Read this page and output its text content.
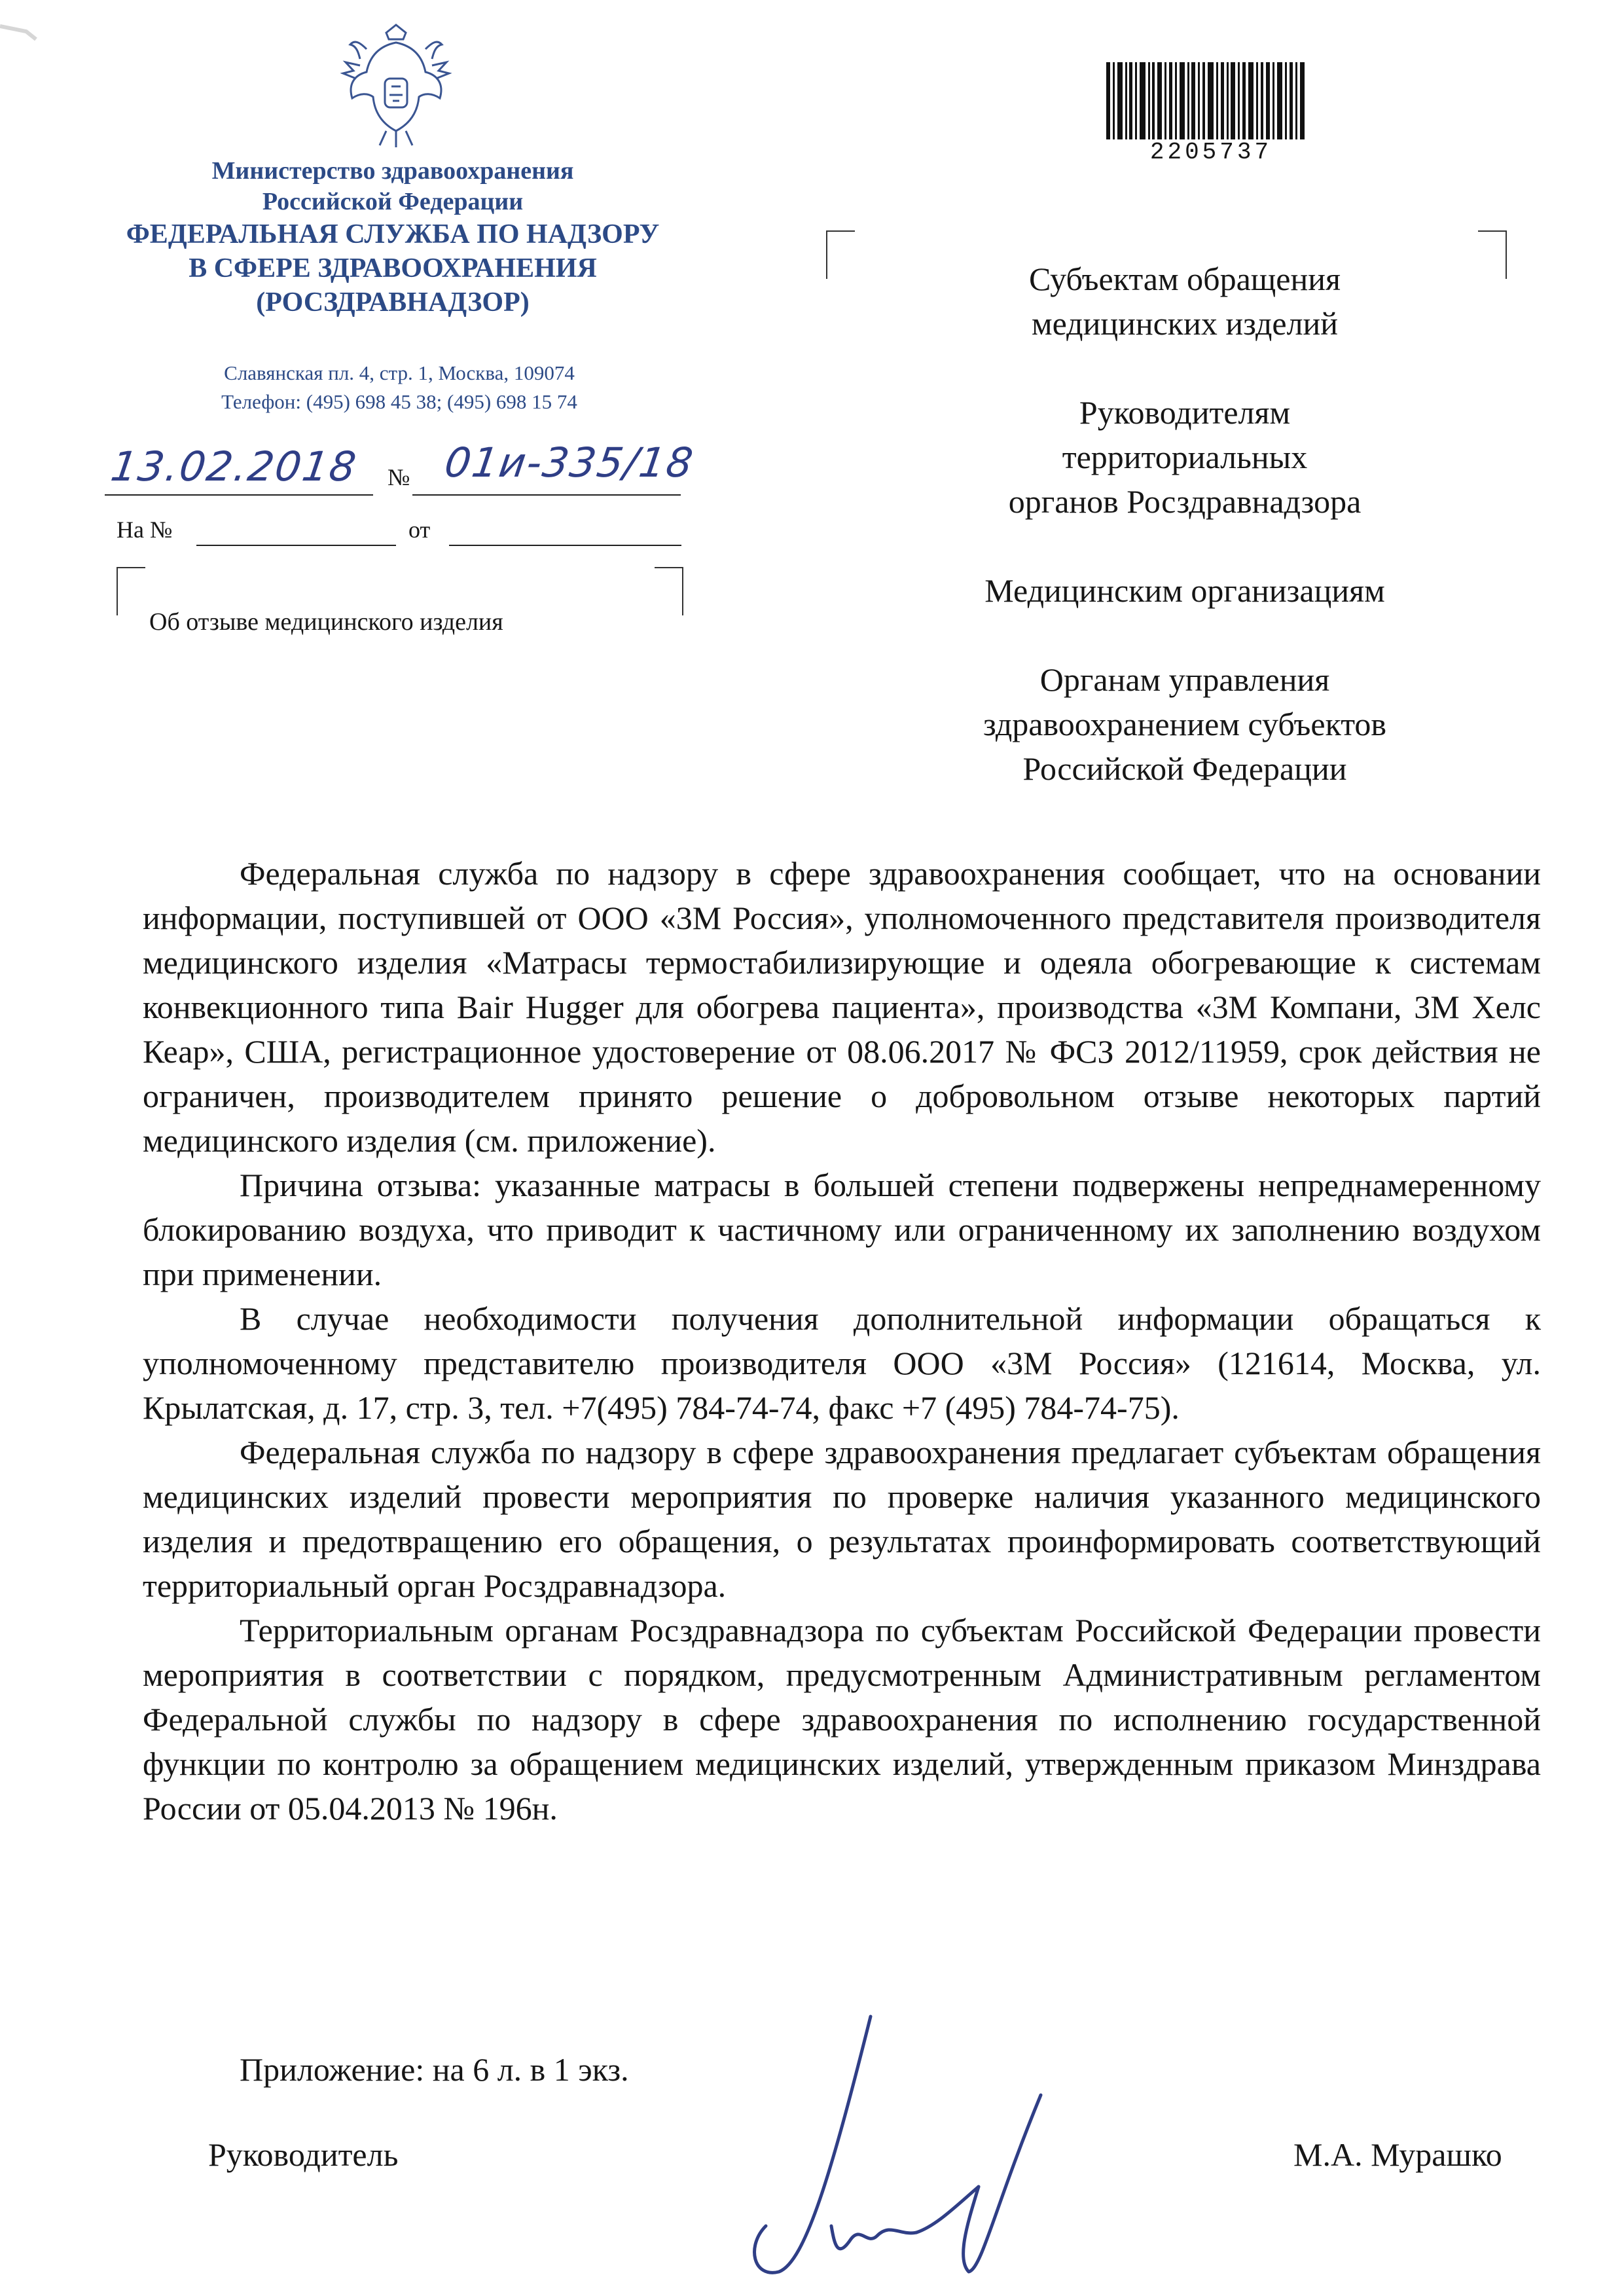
Министерство здравоохранения
Российской Федерации
ФЕДЕРАЛЬНАЯ СЛУЖБА ПО НАДЗОРУ
В СФЕРЕ ЗДРАВООХРАНЕНИЯ
(РОСЗДРАВНАДЗОР)
Славянская пл. 4, стр. 1, Москва, 109074
Телефон: (495) 698 45 38; (495) 698 15 74
13.02.2018 № 01и-335/18
На №	от
Об отзыве медицинского изделия
2205737
Субъектам обращения
медицинских изделий
Руководителям
территориальных
органов Росздравнадзора
Медицинским организациям
Органам управления
здравоохранением субъектов
Российской Федерации

Федеральная служба по надзору в сфере здравоохранения сообщает, что на основании информации, поступившей от ООО «3М Россия», уполномоченного представителя производителя медицинского изделия «Матрасы термостабилизирующие и одеяла обогревающие к системам конвекционного типа Bair Hugger для обогрева пациента», производства «3М Компани, 3М Хелс Кеар», США, регистрационное удостоверение от 08.06.2017 № ФСЗ 2012/11959, срок действия не ограничен, производителем принято решение о добровольном отзыве некоторых партий медицинского изделия (см. приложение).

Причина отзыва: указанные матрасы в большей степени подвержены непреднамеренному блокированию воздуха, что приводит к частичному или ограниченному их заполнению воздухом при применении.

В случае необходимости получения дополнительной информации обращаться к уполномоченному представителю производителя ООО «3М Россия» (121614, Москва, ул. Крылатская, д. 17, стр. 3, тел. +7(495) 784-74-74, факс +7 (495) 784-74-75).

Федеральная служба по надзору в сфере здравоохранения предлагает субъектам обращения медицинских изделий провести мероприятия по проверке наличия указанного медицинского изделия и предотвращению его обращения, о результатах проинформировать соответствующий территориальный орган Росздравнадзора.

Территориальным органам Росздравнадзора по субъектам Российской Федерации провести мероприятия в соответствии с порядком, предусмотренным Административным регламентом Федеральной службы по надзору в сфере здравоохранения по исполнению государственной функции по контролю за обращением медицинских изделий, утвержденным приказом Минздрава России от 05.04.2013 № 196н.

Приложение: на 6 л. в 1 экз.
Руководитель	М.А. Мурашко
